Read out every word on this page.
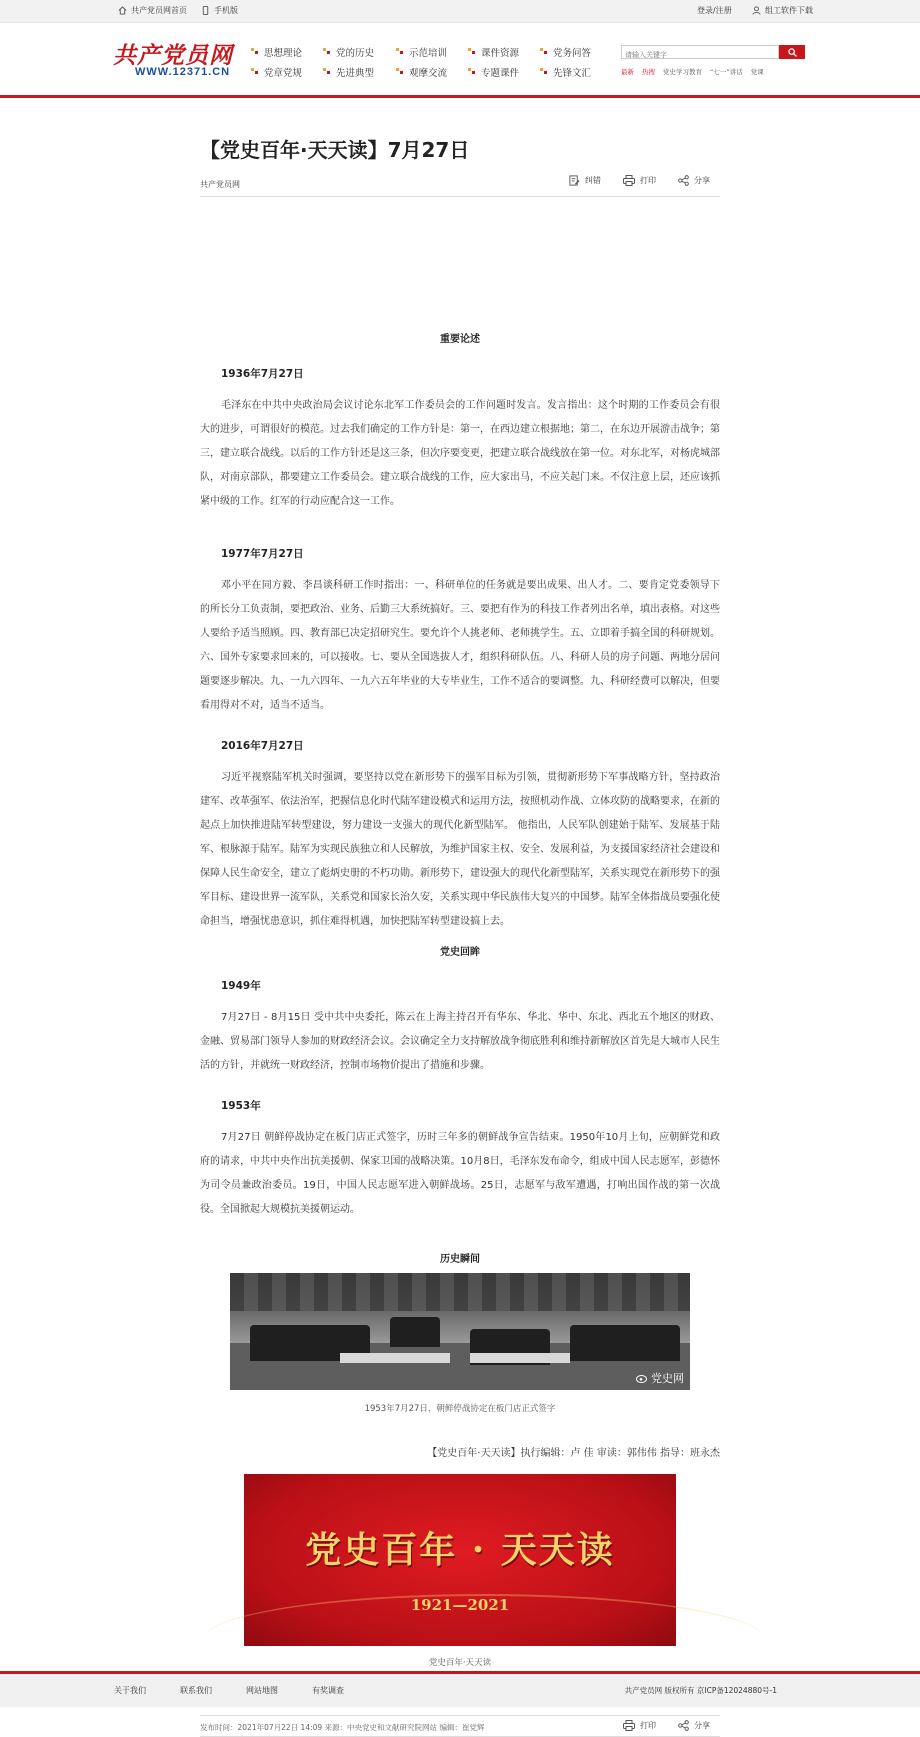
共产党员网首页	手机版	登录/注册	组工软件下载
共产党员网
WWW.12371.CN
思想理论
党章党规
党的历史
先进典型
示范培训
观摩交流
课件资源
专题课件
党务问答
先锋文汇
请输入关键字	最新 热搜 党史学习教育 “七一”讲话 党课
【党史百年·天天读】7月27日
共产党员网	纠错	打印	分享
重要论述
1936年7月27日

毛泽东在中共中央政治局会议讨论东北军工作委员会的工作问题时发言。发言指出：这个时期的工作委员会有很大的进步，可谓很好的模范。过去我们确定的工作方针是：第一，在西边建立根据地；第二，在东边开展游击战争；第三，建立联合战线。以后的工作方针还是这三条，但次序要变更，把建立联合战线放在第一位。对东北军，对杨虎城部队，对南京部队，都要建立工作委员会。建立联合战线的工作，应大家出马，不应关起门来。不仅注意上层，还应该抓紧中级的工作。红军的行动应配合这一工作。

1977年7月27日

邓小平在同方毅、李昌谈科研工作时指出：一、科研单位的任务就是要出成果、出人才。二、要肯定党委领导下的所长分工负责制，要把政治、业务、后勤三大系统搞好。三、要把有作为的科技工作者列出名单，填出表格。对这些人要给予适当照顾。四、教育部已决定招研究生。要允许个人挑老师、老师挑学生。五、立即着手搞全国的科研规划。六、国外专家要求回来的，可以接收。七、要从全国选拔人才，组织科研队伍。八、科研人员的房子问题、两地分居问题要逐步解决。九、一九六四年、一九六五年毕业的大专毕业生，工作不适合的要调整。九、科研经费可以解决，但要看用得对不对，适当不适当。

2016年7月27日

习近平视察陆军机关时强调，要坚持以党在新形势下的强军目标为引领，贯彻新形势下军事战略方针，坚持政治建军、改革强军、依法治军，把握信息化时代陆军建设模式和运用方法，按照机动作战、立体攻防的战略要求，在新的起点上加快推进陆军转型建设，努力建设一支强大的现代化新型陆军。 他指出，人民军队创建始于陆军、发展基于陆军、根脉源于陆军。陆军为实现民族独立和人民解放，为维护国家主权、安全、发展利益，为支援国家经济社会建设和保障人民生命安全，建立了彪炳史册的不朽功勋。新形势下，建设强大的现代化新型陆军，关系实现党在新形势下的强军目标、建设世界一流军队，关系党和国家长治久安，关系实现中华民族伟大复兴的中国梦。陆军全体指战员要强化使命担当，增强忧患意识，抓住难得机遇，加快把陆军转型建设搞上去。

党史回眸
1949年

7月27日 - 8月15日 受中共中央委托，陈云在上海主持召开有华东、华北、华中、东北、西北五个地区的财政、金融、贸易部门领导人参加的财政经济会议。会议确定全力支持解放战争彻底胜利和维持新解放区首先是大城市人民生活的方针，并就统一财政经济，控制市场物价提出了措施和步骤。

1953年

7月27日 朝鲜停战协定在板门店正式签字，历时三年多的朝鲜战争宣告结束。1950年10月上旬，应朝鲜党和政府的请求，中共中央作出抗美援朝、保家卫国的战略决策。10月8日，毛泽东发布命令，组成中国人民志愿军，彭德怀为司令员兼政治委员。19日，中国人民志愿军进入朝鲜战场。25日，志愿军与敌军遭遇，打响出国作战的第一次战役。全国掀起大规模抗美援朝运动。

历史瞬间
党史网
1953年7月27日，朝鲜停战协定在板门店正式签字
【党史百年·天天读】执行编辑：卢 佳 审读：郭伟伟 指导：班永杰
党史百年 · 天天读
1921—2021
党史百年·天天读
发布时间：2021年07月22日 14:09 来源：中央党史和文献研究院网站 编辑：崔党辉	打印	分享
关于我们	联系我们	网站地图	有奖调查	共产党员网 版权所有 京ICP备12024880号-1
